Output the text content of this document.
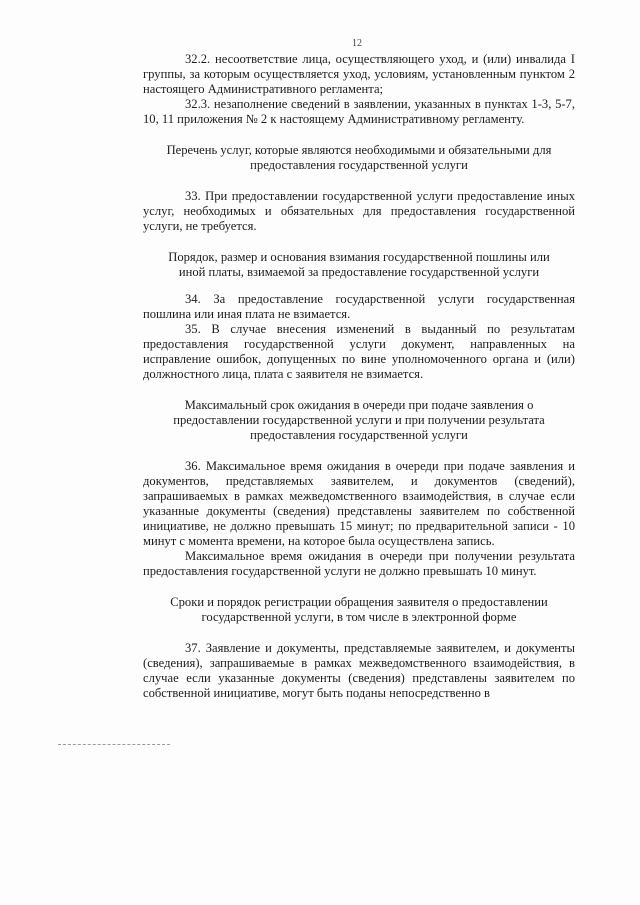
12

32.2. несоответствие лица, осуществляющего уход, и (или) инвалида I группы, за которым осуществляется уход, условиям, установленным пунктом 2 настоящего Административного регламента;

32.3. незаполнение сведений в заявлении, указанных в пунктах 1-3, 5-7, 10, 11 приложения № 2 к настоящему Административному регламенту.

Перечень услуг, которые являются необходимыми и обязательными для предоставления государственной услуги

33. При предоставлении государственной услуги предоставление иных услуг, необходимых и обязательных для предоставления государственной услуги, не требуется.

Порядок, размер и основания взимания государственной пошлины или иной платы, взимаемой за предоставление государственной услуги

34. За предоставление государственной услуги государственная пошлина или иная плата не взимается.

35. В случае внесения изменений в выданный по результатам предоставления государственной услуги документ, направленных на исправление ошибок, допущенных по вине уполномоченного органа и (или) должностного лица, плата с заявителя не взимается.

Максимальный срок ожидания в очереди при подаче заявления о предоставлении государственной услуги и при получении результата предоставления государственной услуги

36. Максимальное время ожидания в очереди при подаче заявления и документов, представляемых заявителем, и документов (сведений), запрашиваемых в рамках межведомственного взаимодействия, в случае если указанные документы (сведения) представлены заявителем по собственной инициативе, не должно превышать 15 минут; по предварительной записи - 10 минут с момента времени, на которое была осуществлена запись.

Максимальное время ожидания в очереди при получении результата предоставления государственной услуги не должно превышать 10 минут.

Сроки и порядок регистрации обращения заявителя о предоставлении государственной услуги, в том числе в электронной форме

37. Заявление и документы, представляемые заявителем, и документы (сведения), запрашиваемые в рамках межведомственного взаимодействия, в случае если указанные документы (сведения) представлены заявителем по собственной инициативе, могут быть поданы непосредственно в
